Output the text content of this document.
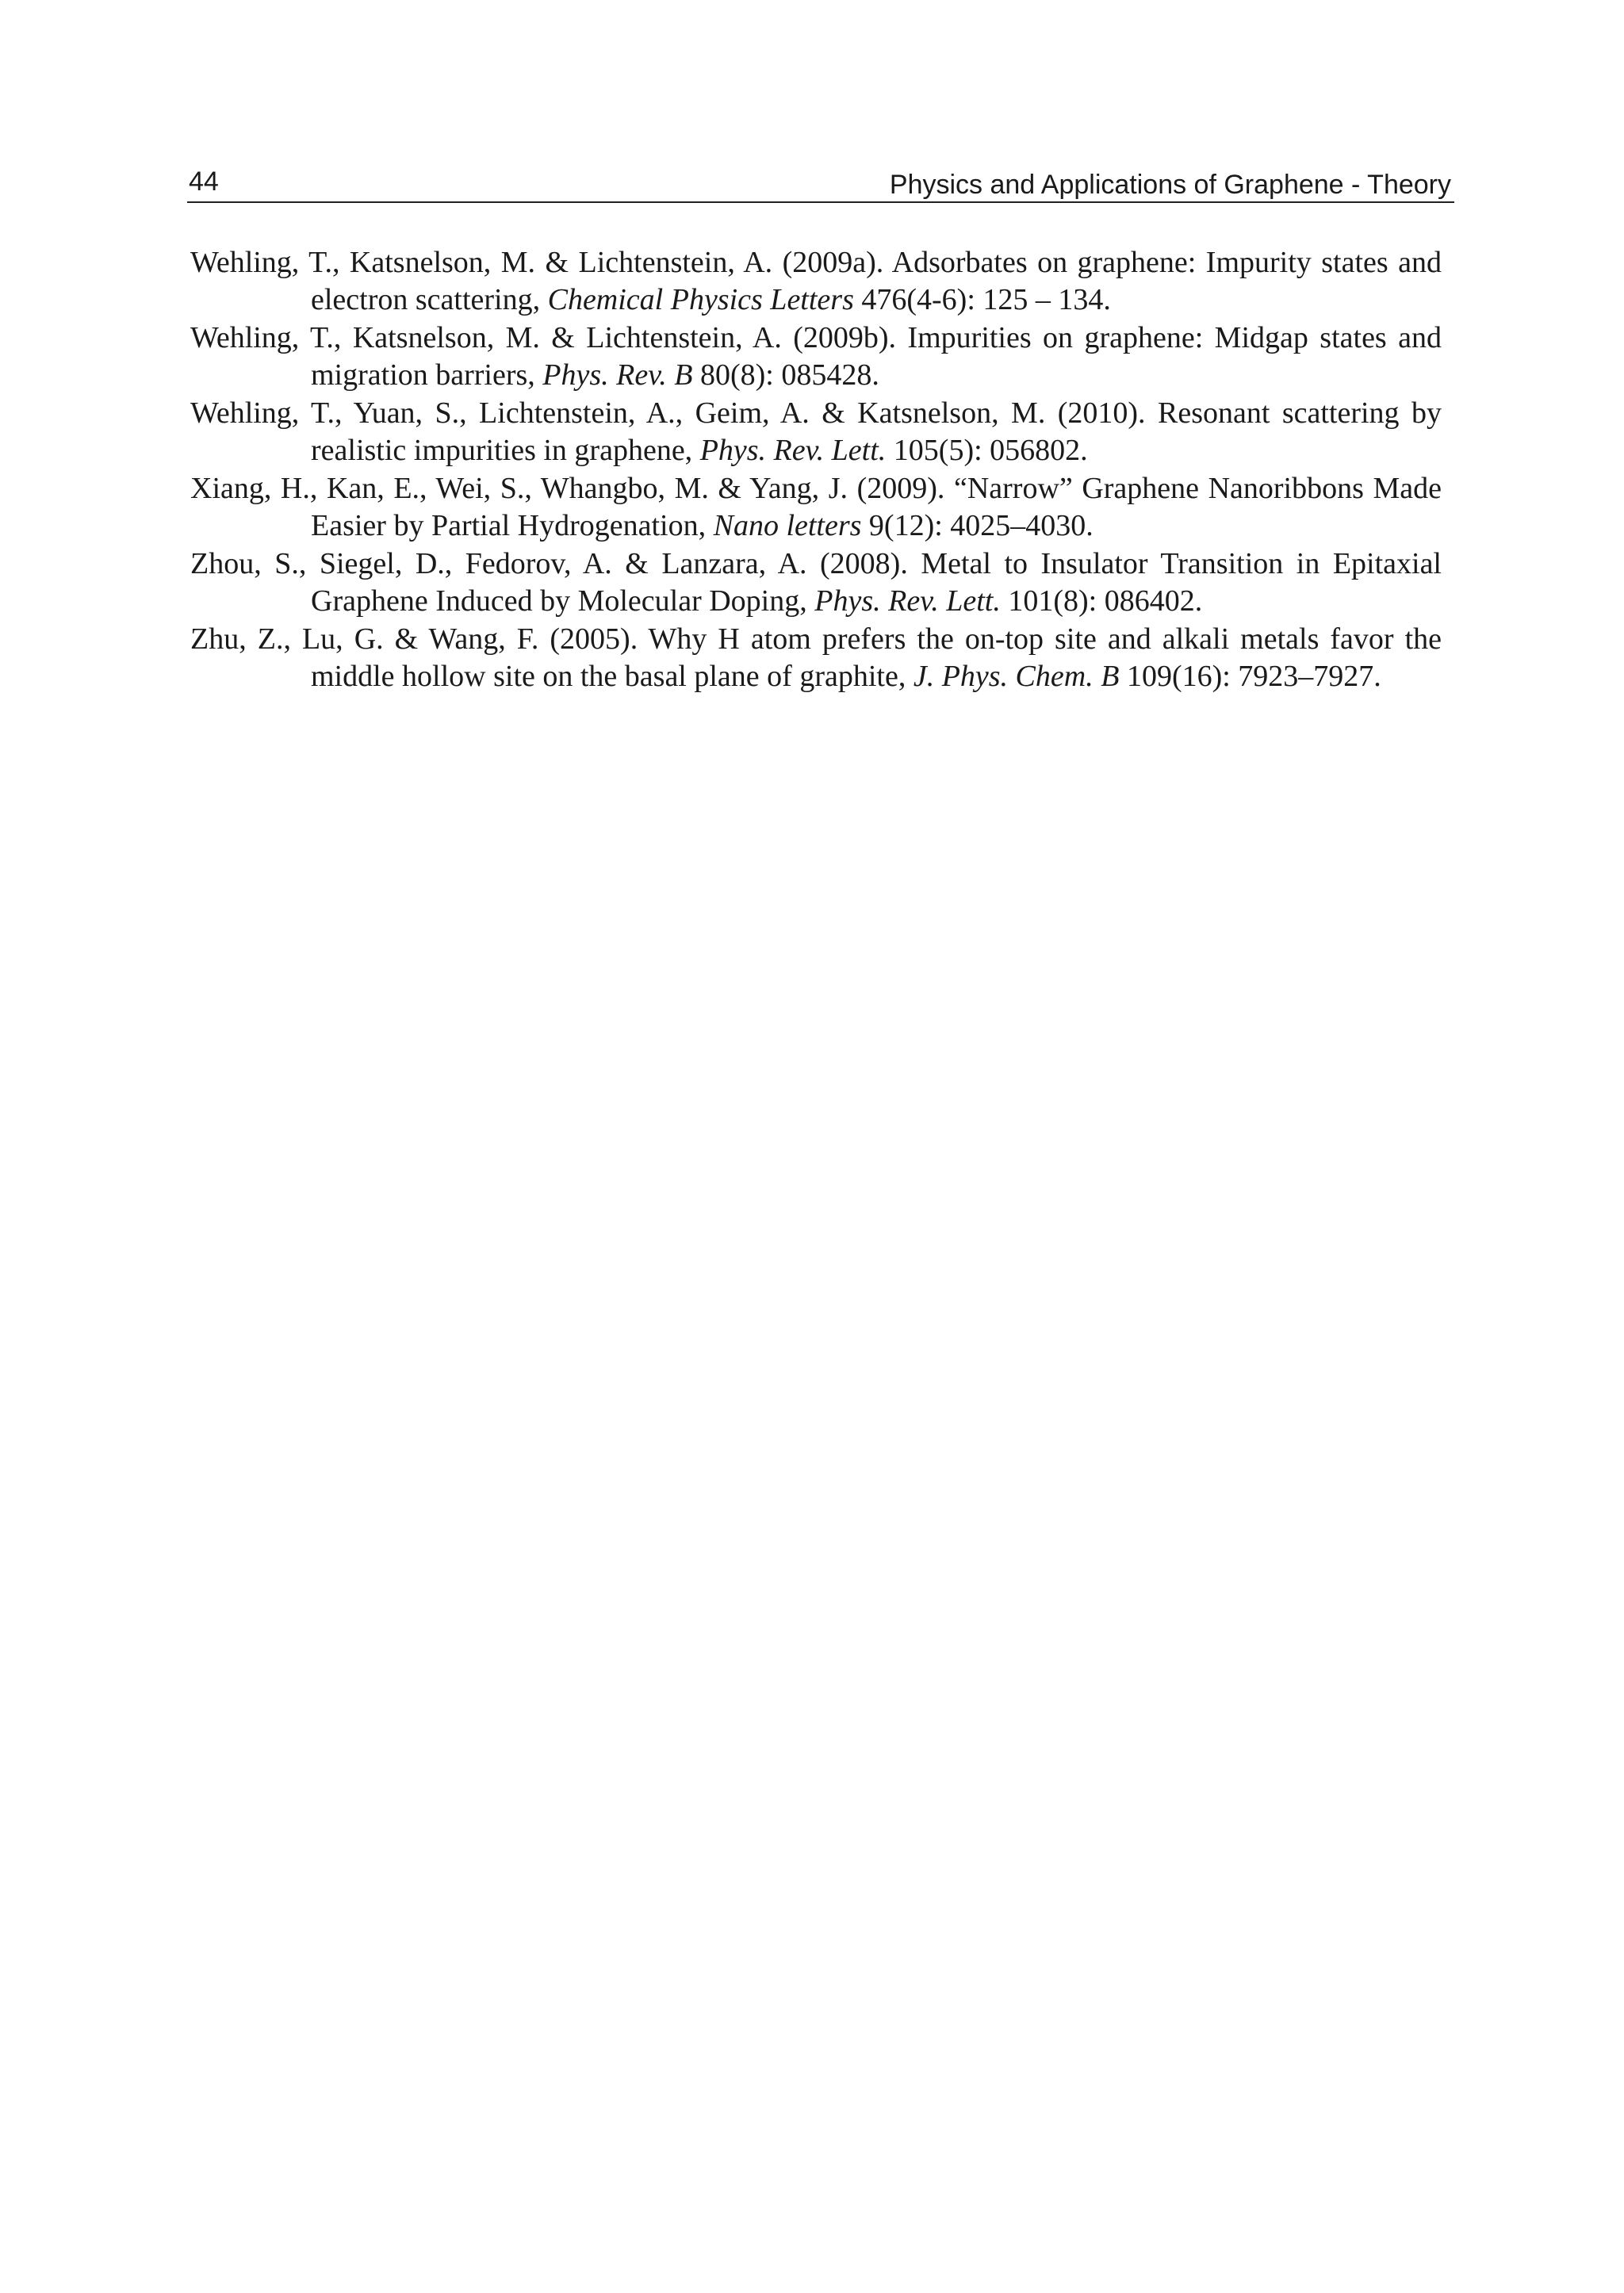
44	Physics and Applications of Graphene - Theory

Wehling, T., Katsnelson, M. & Lichtenstein, A. (2009a). Adsorbates on graphene: Impurity states and electron scattering, Chemical Physics Letters 476(4-6): 125 – 134.

Wehling, T., Katsnelson, M. & Lichtenstein, A. (2009b). Impurities on graphene: Midgap states and migration barriers, Phys. Rev. B 80(8): 085428.

Wehling, T., Yuan, S., Lichtenstein, A., Geim, A. & Katsnelson, M. (2010). Resonant scattering by realistic impurities in graphene, Phys. Rev. Lett. 105(5): 056802.

Xiang, H., Kan, E., Wei, S., Whangbo, M. & Yang, J. (2009). “Narrow” Graphene Nanoribbons Made Easier by Partial Hydrogenation, Nano letters 9(12): 4025–4030.

Zhou, S., Siegel, D., Fedorov, A. & Lanzara, A. (2008). Metal to Insulator Transition in Epitaxial Graphene Induced by Molecular Doping, Phys. Rev. Lett. 101(8): 086402.

Zhu, Z., Lu, G. & Wang, F. (2005). Why H atom prefers the on-top site and alkali metals favor the middle hollow site on the basal plane of graphite, J. Phys. Chem. B 109(16): 7923–7927.
